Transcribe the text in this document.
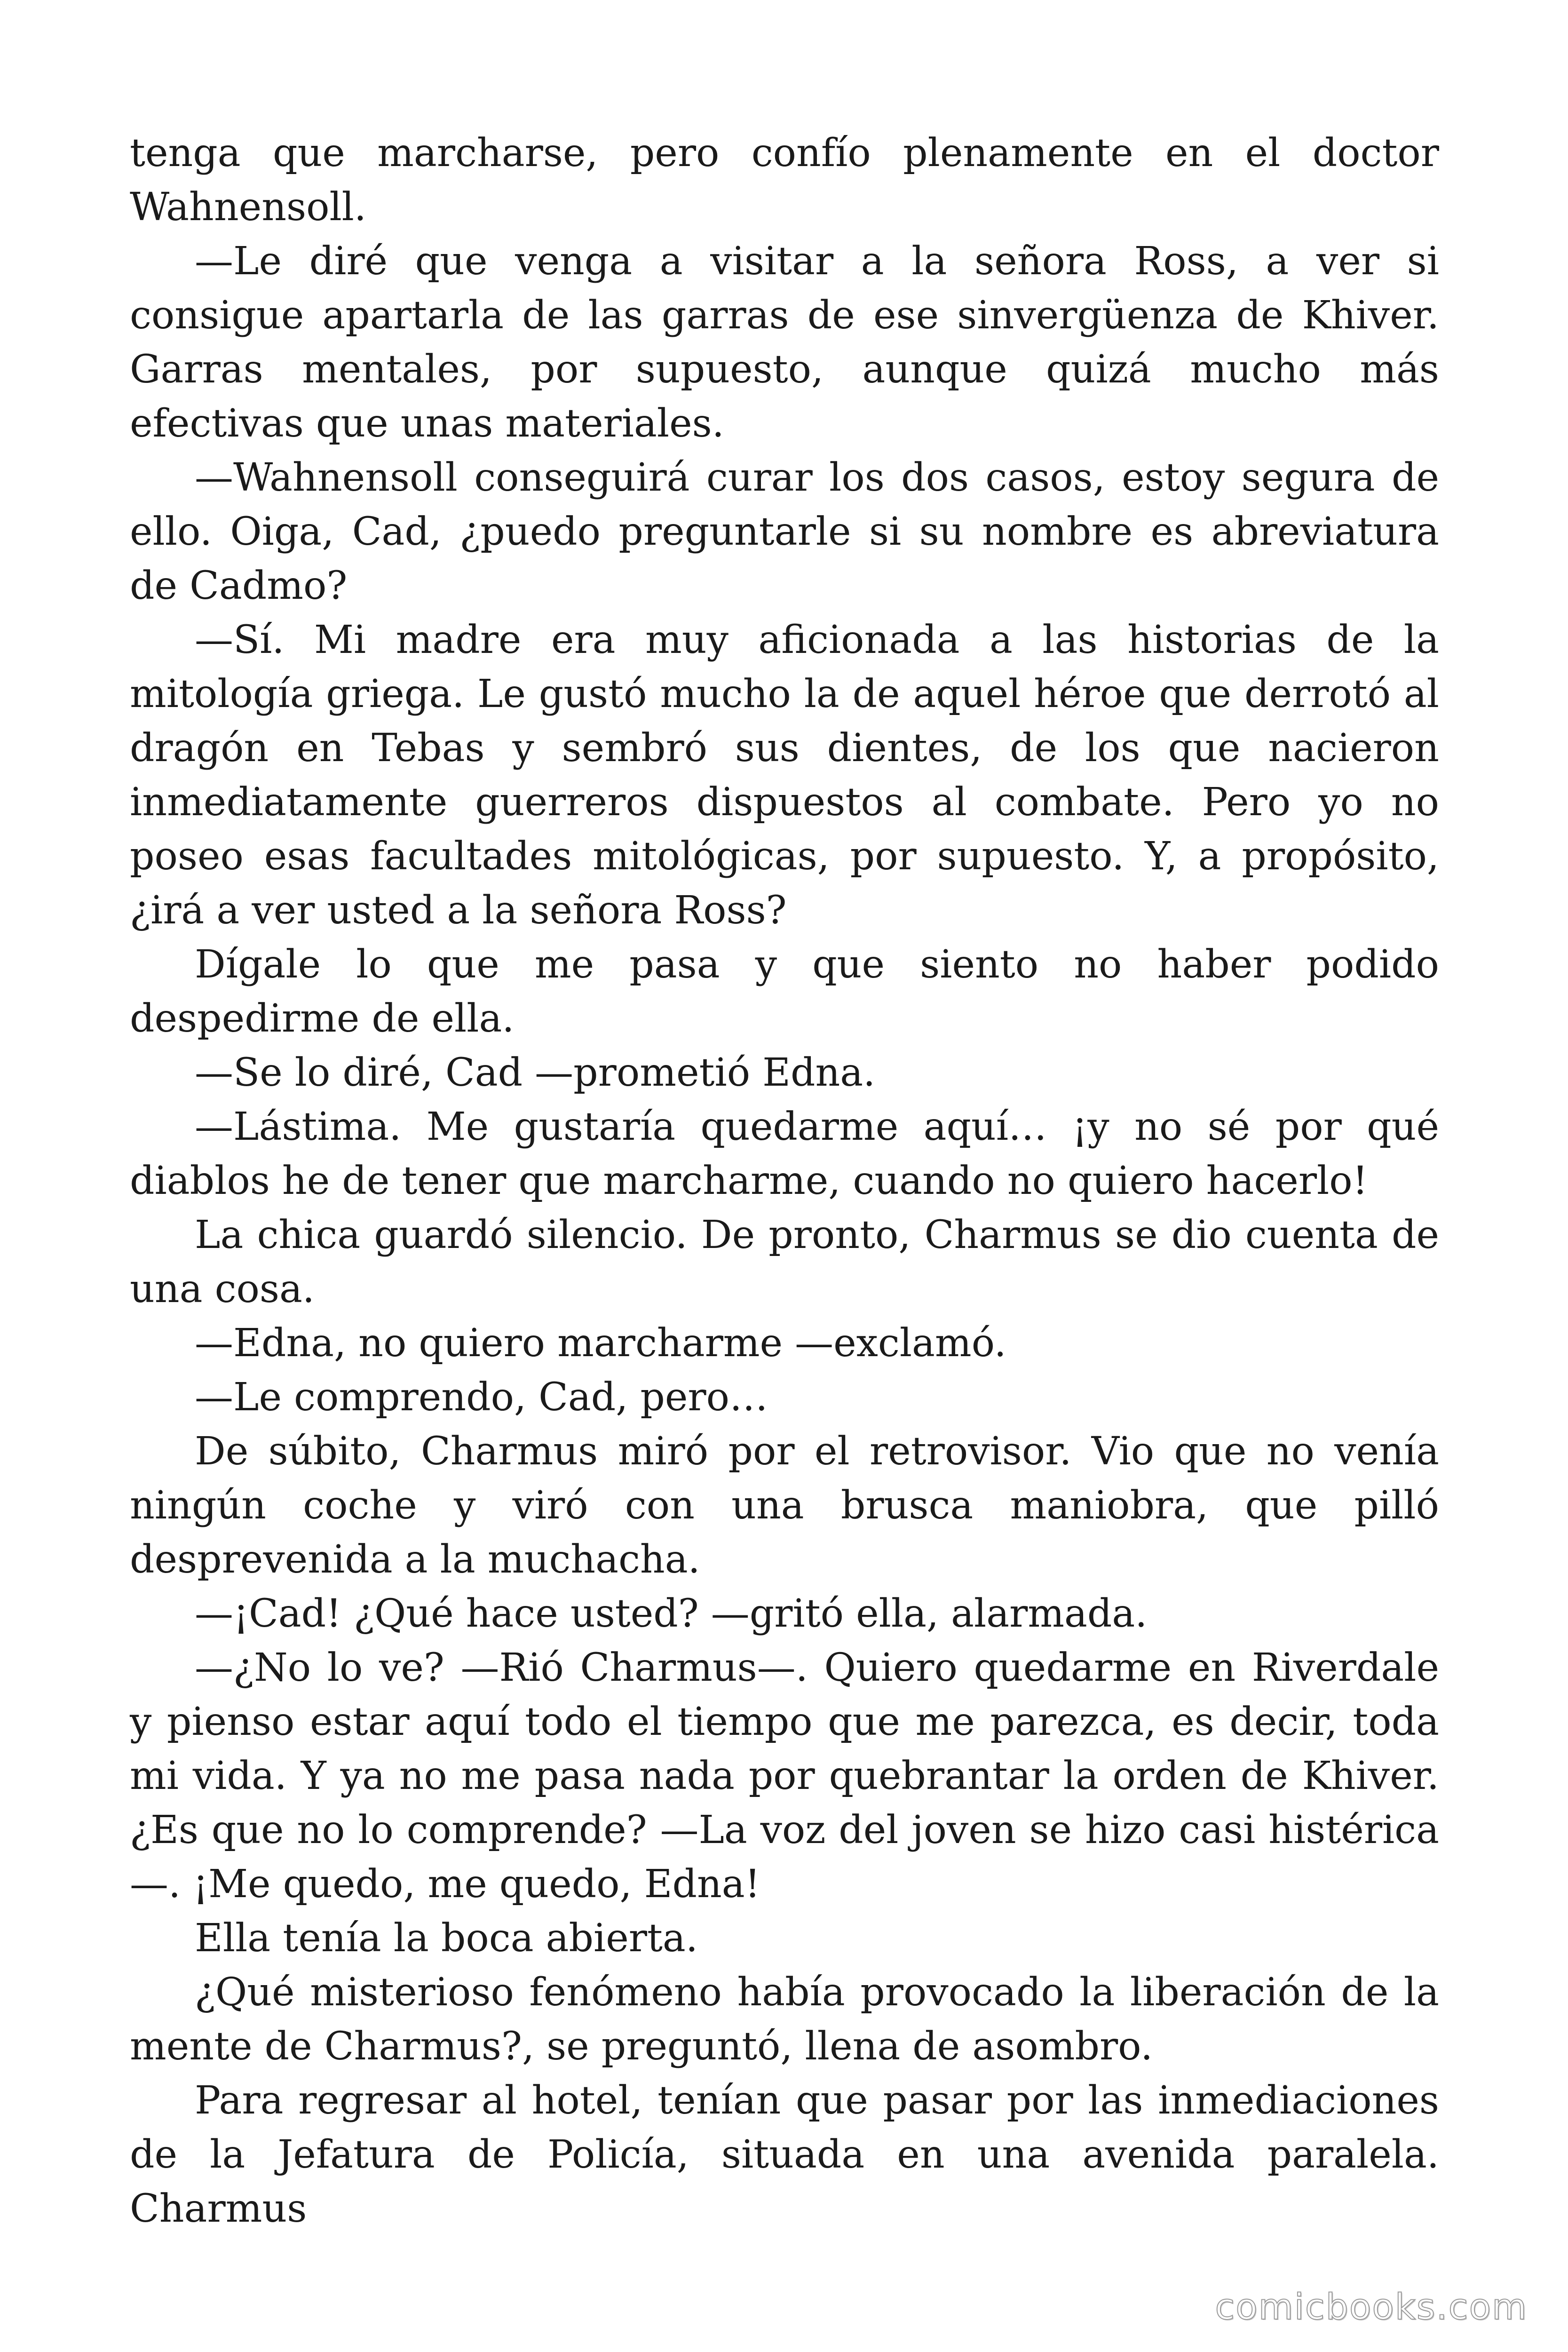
tenga que marcharse, pero confío plenamente en el doctor Wahnensoll.

—Le diré que venga a visitar a la señora Ross, a ver si consigue apartarla de las garras de ese sinvergüenza de Khiver. Garras mentales, por supuesto, aunque quizá mucho más efectivas que unas materiales.

—Wahnensoll conseguirá curar los dos casos, estoy segura de ello. Oiga, Cad, ¿puedo preguntarle si su nombre es abreviatura de Cadmo?

—Sí. Mi madre era muy aficionada a las historias de la mitología griega. Le gustó mucho la de aquel héroe que derrotó al dragón en Tebas y sembró sus dientes, de los que nacieron inmediatamente guerreros dispuestos al combate. Pero yo no poseo esas facultades mitológicas, por supuesto. Y, a propósito, ¿irá a ver usted a la señora Ross?

Dígale lo que me pasa y que siento no haber podido despedirme de ella.

—Se lo diré, Cad —prometió Edna.

—Lástima. Me gustaría quedarme aquí… ¡y no sé por qué diablos he de tener que marcharme, cuando no quiero hacerlo!

La chica guardó silencio. De pronto, Charmus se dio cuenta de una cosa.

—Edna, no quiero marcharme —exclamó.

—Le comprendo, Cad, pero…

De súbito, Charmus miró por el retrovisor. Vio que no venía ningún coche y viró con una brusca maniobra, que pilló desprevenida a la muchacha.

—¡Cad! ¿Qué hace usted? —gritó ella, alarmada.

—¿No lo ve? —Rió Charmus—. Quiero quedarme en Riverdale y pienso estar aquí todo el tiempo que me parezca, es decir, toda mi vida. Y ya no me pasa nada por quebrantar la orden de Khiver. ¿Es que no lo comprende? —La voz del joven se hizo casi histérica—. ¡Me quedo, me quedo, Edna!

Ella tenía la boca abierta.

¿Qué misterioso fenómeno había provocado la liberación de la mente de Charmus?, se preguntó, llena de asombro.

Para regresar al hotel, tenían que pasar por las inmediaciones de la Jefatura de Policía, situada en una avenida paralela. Charmus

comicbooks.com
